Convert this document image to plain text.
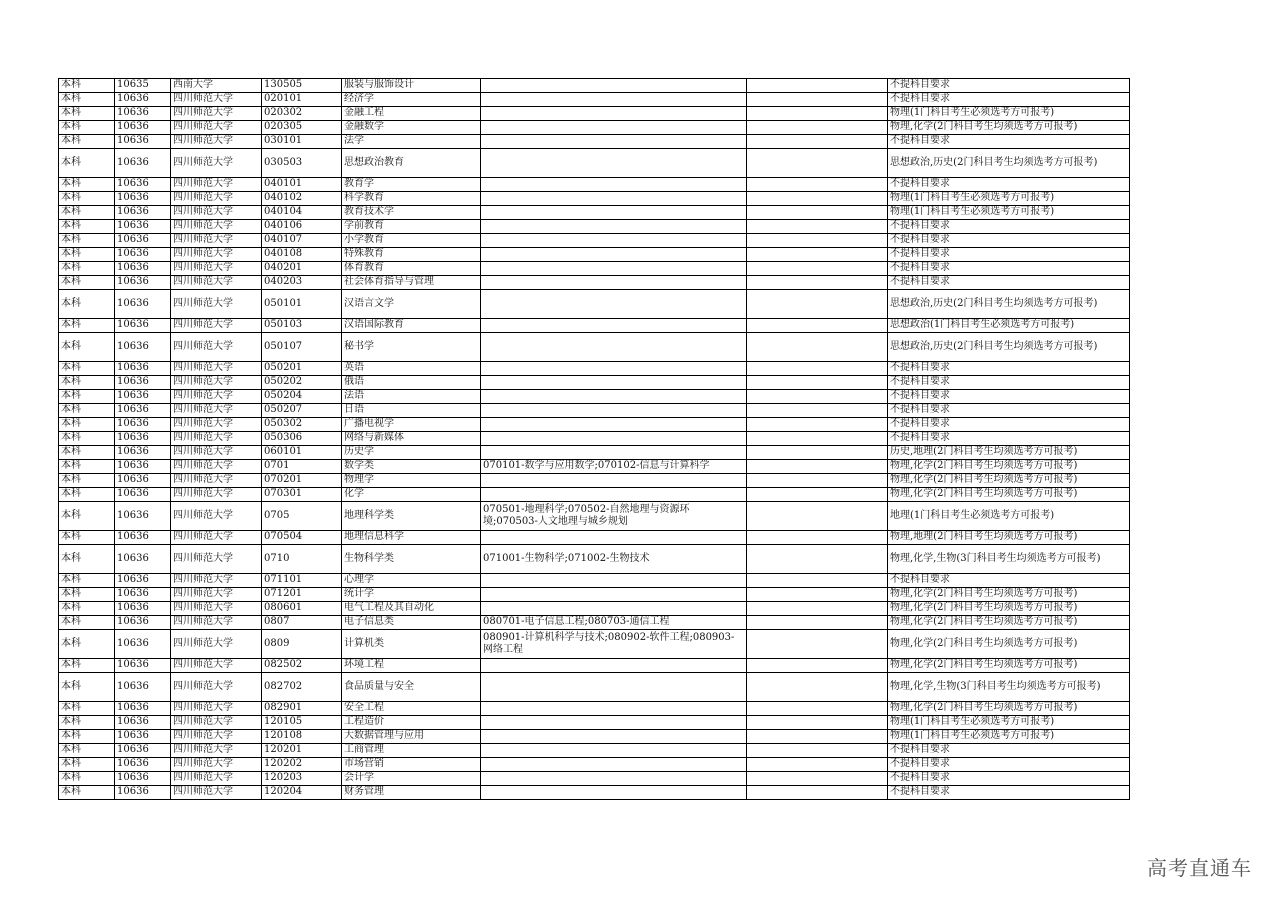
本科	10635	西南大学	130505	服装与服饰设计			不提科目要求
本科	10636	四川师范大学	020101	经济学			不提科目要求
本科	10636	四川师范大学	020302	金融工程			物理(1门科目考生必须选考方可报考)
本科	10636	四川师范大学	020305	金融数学			物理,化学(2门科目考生均须选考方可报考)
本科	10636	四川师范大学	030101	法学			不提科目要求
本科	10636	四川师范大学	030503	思想政治教育			思想政治,历史(2门科目考生均须选考方可报考)
本科	10636	四川师范大学	040101	教育学			不提科目要求
本科	10636	四川师范大学	040102	科学教育			物理(1门科目考生必须选考方可报考)
本科	10636	四川师范大学	040104	教育技术学			物理(1门科目考生必须选考方可报考)
本科	10636	四川师范大学	040106	学前教育			不提科目要求
本科	10636	四川师范大学	040107	小学教育			不提科目要求
本科	10636	四川师范大学	040108	特殊教育			不提科目要求
本科	10636	四川师范大学	040201	体育教育			不提科目要求
本科	10636	四川师范大学	040203	社会体育指导与管理			不提科目要求
本科	10636	四川师范大学	050101	汉语言文学			思想政治,历史(2门科目考生均须选考方可报考)
本科	10636	四川师范大学	050103	汉语国际教育			思想政治(1门科目考生必须选考方可报考)
本科	10636	四川师范大学	050107	秘书学			思想政治,历史(2门科目考生均须选考方可报考)
本科	10636	四川师范大学	050201	英语			不提科目要求
本科	10636	四川师范大学	050202	俄语			不提科目要求
本科	10636	四川师范大学	050204	法语			不提科目要求
本科	10636	四川师范大学	050207	日语			不提科目要求
本科	10636	四川师范大学	050302	广播电视学			不提科目要求
本科	10636	四川师范大学	050306	网络与新媒体			不提科目要求
本科	10636	四川师范大学	060101	历史学			历史,地理(2门科目考生均须选考方可报考)
本科	10636	四川师范大学	0701	数学类	070101-数学与应用数学;070102-信息与计算科学		物理,化学(2门科目考生均须选考方可报考)
本科	10636	四川师范大学	070201	物理学			物理,化学(2门科目考生均须选考方可报考)
本科	10636	四川师范大学	070301	化学			物理,化学(2门科目考生均须选考方可报考)
本科	10636	四川师范大学	0705	地理科学类	070501-地理科学;070502-自然地理与资源环境;070503-人文地理与城乡规划		地理(1门科目考生必须选考方可报考)
本科	10636	四川师范大学	070504	地理信息科学			物理,地理(2门科目考生均须选考方可报考)
本科	10636	四川师范大学	0710	生物科学类	071001-生物科学;071002-生物技术		物理,化学,生物(3门科目考生均须选考方可报考)
本科	10636	四川师范大学	071101	心理学			不提科目要求
本科	10636	四川师范大学	071201	统计学			物理,化学(2门科目考生均须选考方可报考)
本科	10636	四川师范大学	080601	电气工程及其自动化			物理,化学(2门科目考生均须选考方可报考)
本科	10636	四川师范大学	0807	电子信息类	080701-电子信息工程;080703-通信工程		物理,化学(2门科目考生均须选考方可报考)
本科	10636	四川师范大学	0809	计算机类	080901-计算机科学与技术;080902-软件工程;080903-网络工程		物理,化学(2门科目考生均须选考方可报考)
本科	10636	四川师范大学	082502	环境工程			物理,化学(2门科目考生均须选考方可报考)
本科	10636	四川师范大学	082702	食品质量与安全			物理,化学,生物(3门科目考生均须选考方可报考)
本科	10636	四川师范大学	082901	安全工程			物理,化学(2门科目考生均须选考方可报考)
本科	10636	四川师范大学	120105	工程造价			物理(1门科目考生必须选考方可报考)
本科	10636	四川师范大学	120108	大数据管理与应用			物理(1门科目考生必须选考方可报考)
本科	10636	四川师范大学	120201	工商管理			不提科目要求
本科	10636	四川师范大学	120202	市场营销			不提科目要求
本科	10636	四川师范大学	120203	会计学			不提科目要求
本科	10636	四川师范大学	120204	财务管理			不提科目要求
高考直通车
